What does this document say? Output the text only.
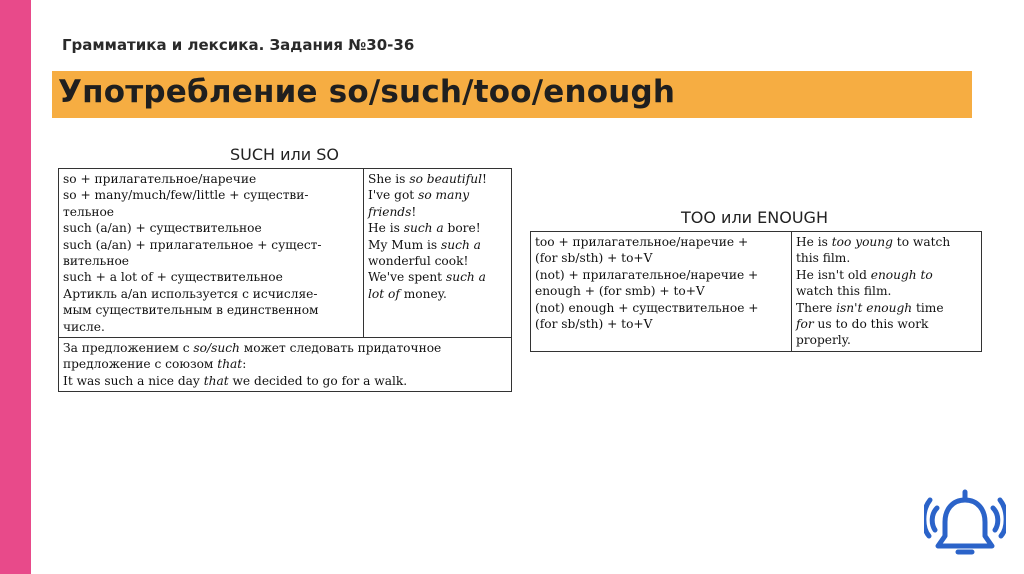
Грамматика и лексика. Задания №30-36
Употребление so/such/too/enough
SUCH или SO
so + прилагательное/наречие
so + many/much/few/little + существи-
тельное
such (a/an) + существительное
such (a/an) + прилагательное + сущест-
вительное
such + a lot of + существительное
Артикль a/an используется с исчисляе-
мым существительным в единственном
числе.

She is so beautiful!
I've got so many
friends!
He is such a bore!
My Mum is such a
wonderful cook!
We've spent such a
lot of money.

За предложением с so/such может следовать придаточное
предложение с союзом that:
It was such a nice day that we decided to go for a walk.
TOO или ENOUGH
too + прилагательное/наречие +
(for sb/sth) + to+V
(not) + прилагательное/наречие +
enough + (for smb) + to+V
(not) enough + существительное +
(for sb/sth) + to+V

He is too young to watch
this film.
He isn't old enough to
watch this film.
There isn't enough time
for us to do this work
properly.
